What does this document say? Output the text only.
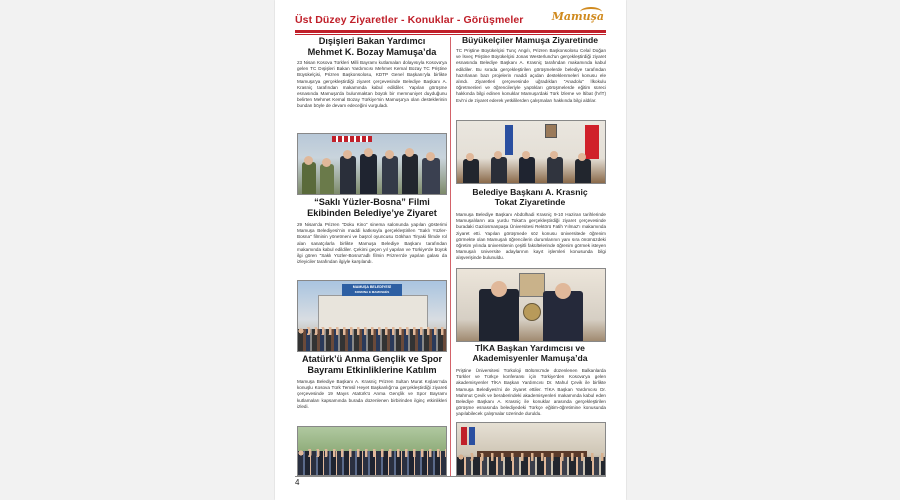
Üst Düzey Ziyaretler - Konuklar - Görüşmeler	Mamuşa
Dışişleri Bakan Yardımcı
Mehmet K. Bozay Mamuşa’da
23 Nisan Kosova Türkleri Milli Bayramı kutlamaları dolayısıyla Kosova'ya gelen TC Dışişleri Bakan Yardımcısı Mehmet Kemal Bozay TC Priştine Büyükelçisi, Prizren Başkonsolosu, KDTP Genel Başkanı'yla birlikte Mamuşa'ya gerçekleştirdiği ziyaret çerçevesinde Belediye Başkanı A. Krasniç tarafından makamında kabul edildiler. Yapılan görüşme esnasında Mamuşa'da bulunmaktan büyük bir memnuniyet duyduğunu belirten Mehmet Kemal Bozay Türkiye'nin Mamuşa'ya olan desteklerinin bundan böyle de devam edeceğini vurguladı.
“Saklı Yüzler-Bosna” Filmi
Ekibinden Belediye’ye Ziyaret
29 Nisan'da Prizren "Doku Kino" sinema salonunda yapılan gösterimi Mamuşa Belediyesi'nin maddi katkısıyla gerçekleştirilen "Saklı Yüzler-Bosna" filminin yönetmeni ve başrol oyuncusu Gökhan Tiryaki filmde rol alan sanatçılarla birlikte Mamuşa Belediye Başkanı tarafından makamında kabul edildiler. Çekimi geçen yıl yapılan ve Türkiye'de büyük ilgi gören "Saklı Yüzler-Bosna"adlı filmin Prizren'de yapılan galası da izleyiciler tarafından ilgiyle karşılandı.
MAMUŞA BELEDİYESİ
KOMUNA E MAMUSHËS
Atatürk’ü Anma Gençlik ve Spor
Bayramı Etkinliklerine Katılım
Mamuşa Belediye Başkanı A. Krasniç Prizren Sultan Murat Kışlası'nda konuşlu Kosova Türk Temsil Heyet Başkanlığı'na gerçekleştirdiği ziyareti çerçevesinde 19 Mayıs Atatürk'ü Anma Gençlik ve Spor Bayramı kutlamaları kapsamında burada düzenlenen birbirinden ilginç etkinlikleri izledi.
Büyükelçiler Mamuşa Ziyaretinde
TC Priştine Büyükelçisi Tunç Angılı, Prizren Başkonsolosu Celal Doğan ve İsveç Priştine Büyükelçisi Jonas Westerlund'un gerçekleştirdiği ziyaret esnasında Belediye Başkanı A. Krasniç tarafından makamında kabul edildiler. Bu sırada gerçekleştirilen görüşmelerde belediye tarafından hazırlanan bazı projelerin maddi açıdan desteklenmeleri konusu ele alındı. Ziyaretleri çerçevesinde uğradıkları "Anadolu" İlkokulu öğretmenleri ve öğrencileriyle yaptıkları görüşmelerde eğitim süreci hakkında bilgi edinen konuklar Mamuşa'daki Türk İzleme ve İtibat (İVİT) Evi'ni de ziyaret ederek yetkililerden çalışmaları hakkında bilgi aldılar.
Belediye Başkanı A. Krasniç
Tokat Ziyaretinde
Mamuşa Belediye Başkanı Abdülhadi Krasniç 9-10 Haziran tarihlerinde Mamuşalıların ata yurdu Tokat'a gerçekleştirdiği ziyaret çerçevesinde buradaki Gaziosmanpaşa Üniversitesi Rektörü Fatih Yılmaz'ı makamında ziyaret etti. Yapılan görüşmede söz konusu üniversitede öğrenim görmekte olan Mamuşalı öğrencilerin durumlarının yanı sıra önümüzdeki öğretim yılında üniversitenin çeşitli fakültelerinde öğrenim görmek isteyen Mamuşalı üniversite adaylarının kayıt işlemleri konusunda bilgi alışverişinde bulunuldu.
TİKA Başkan Yardımcısı ve
Akademisyenler Mamuşa’da
Priştine Üniversitesi Türkoloji Bölümü'nde düzenlenen Balkanlarda Türkler ve Türkçe konferansı için Türkiye'den Kosova'ya gelen akademisyenler TİKA Başkan Yardımcısı Dr. Mahul Çevik ile birlikte Mamuşa Belediyesi'ni de ziyaret ettiler. TİKA Başkan Yardımcısı Dr. Mahmut Çevik ve beraberindeki akademisyenleri makamında kabul eden Belediye Başkanı A. Krasniç ile konuklar arasında gerçekleştirilen görüşme esnasında belediyedeki Türkçe eğitim-öğretimine konusunda yapılabilecek çalışmalar üzerinde duruldu.
4
